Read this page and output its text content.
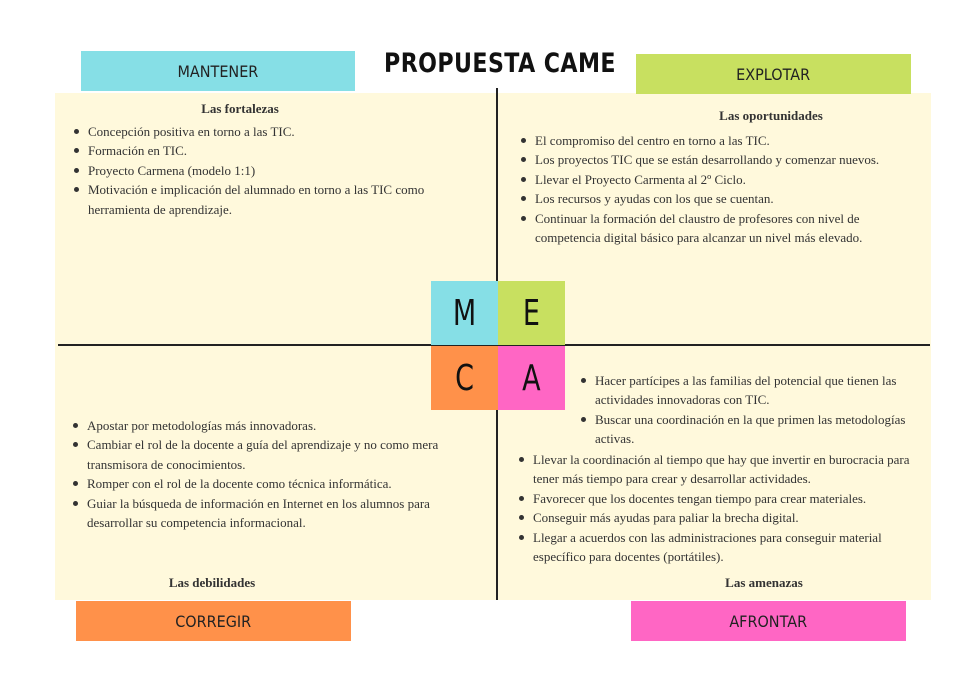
PROPUESTA CAME
MANTENER	EXPLOTAR
CORREGIR	AFRONTAR
Las fortalezas
Concepción positiva en torno a las TIC.
Formación en TIC.
Proyecto Carmena (modelo 1:1)
Motivación e implicación del alumnado en torno a las TIC como herramienta de aprendizaje.
Las oportunidades
El compromiso del centro en torno a las TIC.
Los proyectos TIC que se están desarrollando y comenzar nuevos.
Llevar el Proyecto Carmenta al 2º Ciclo.
Los recursos y ayudas con los que se cuentan.
Continuar la formación del claustro de profesores con nivel de competencia digital básico para alcanzar un nivel más elevado.
Apostar por metodologías más innovadoras.
Cambiar el rol de la docente a guía del aprendizaje y no como mera transmisora de conocimientos.
Romper con el rol de la docente como técnica informática.
Guiar la búsqueda de información en Internet en los alumnos para desarrollar su competencia informacional.
Las debilidades
Hacer partícipes a las familias del potencial que tienen las actividades innovadoras con TIC.
Buscar una coordinación en la que primen las metodologías activas.
Llevar la coordinación al tiempo que hay que invertir en burocracia para tener más tiempo para crear y desarrollar actividades.
Favorecer que los docentes tengan tiempo para crear materiales.
Conseguir más ayudas para paliar la brecha digital.
Llegar a acuerdos con las administraciones para conseguir material específico para docentes (portátiles).
Las amenazas
M E
C A
